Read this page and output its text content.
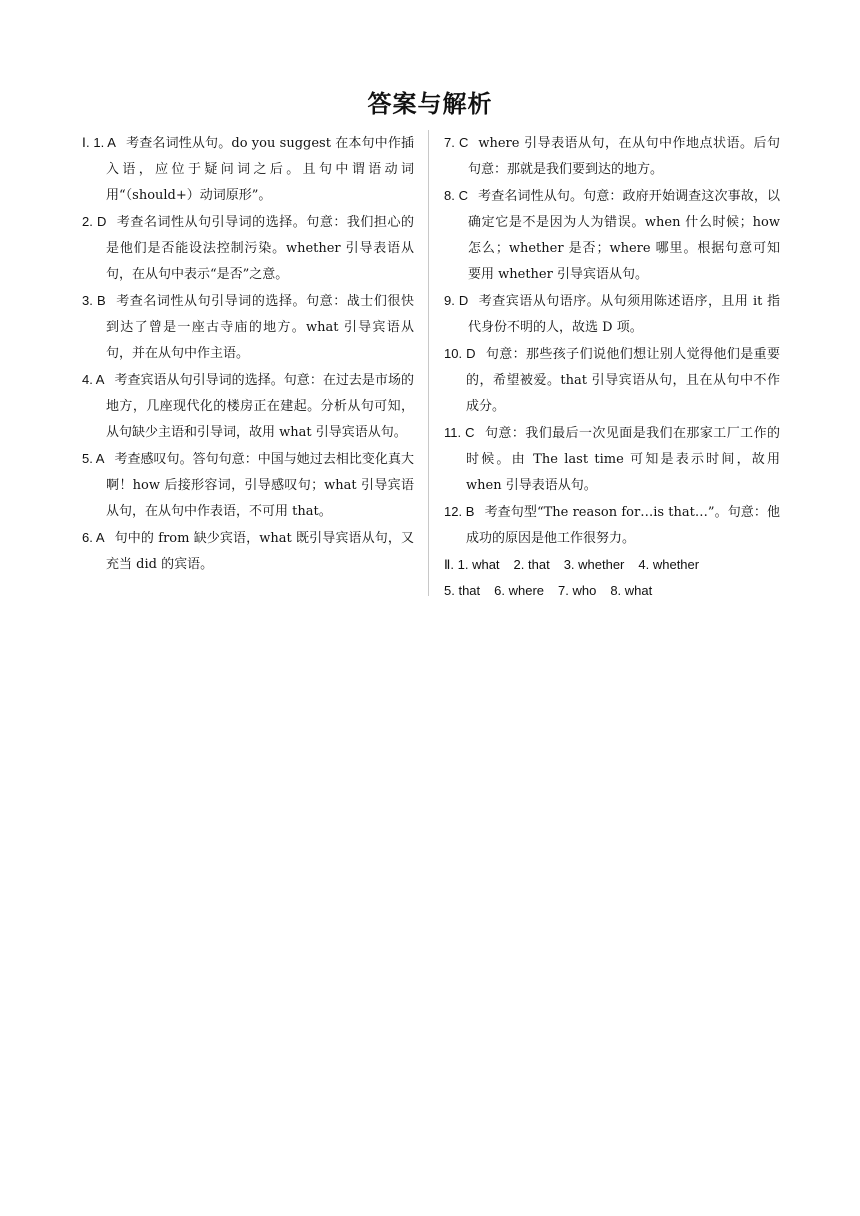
答案与解析

Ⅰ. 1. A 考查名词性从句。do you suggest 在本句中作插入语，应位于疑问词之后。且句中谓语动词用“（should+）动词原形”。

2. D 考查名词性从句引导词的选择。句意：我们担心的是他们是否能设法控制污染。whether 引导表语从句，在从句中表示“是否”之意。

3. B 考查名词性从句引导词的选择。句意：战士们很快到达了曾是一座古寺庙的地方。what 引导宾语从句，并在从句中作主语。

4. A 考查宾语从句引导词的选择。句意：在过去是市场的地方，几座现代化的楼房正在建起。分析从句可知，从句缺少主语和引导词，故用 what 引导宾语从句。

5. A 考查感叹句。答句句意：中国与她过去相比变化真大啊！how 后接形容词，引导感叹句；what 引导宾语从句，在从句中作表语，不可用 that。

6. A 句中的 from 缺少宾语，what 既引导宾语从句，又充当 did 的宾语。

7. C where 引导表语从句，在从句中作地点状语。后句句意：那就是我们要到达的地方。

8. C 考查名词性从句。句意：政府开始调查这次事故，以确定它是不是因为人为错误。when 什么时候；how 怎么；whether 是否；where 哪里。根据句意可知要用 whether 引导宾语从句。

9. D 考查宾语从句语序。从句须用陈述语序，且用 it 指代身份不明的人，故选 D 项。

10. D 句意：那些孩子们说他们想让别人觉得他们是重要的，希望被爱。that 引导宾语从句，且在从句中不作成分。

11. C 句意：我们最后一次见面是我们在那家工厂工作的时候。由 The last time 可知是表示时间，故用 when 引导表语从句。

12. B 考查句型“The reason for…is that…”。句意：他成功的原因是他工作很努力。

Ⅱ. 1. what 2. that 3. whether 4. whether

5. that 6. where 7. who 8. what
